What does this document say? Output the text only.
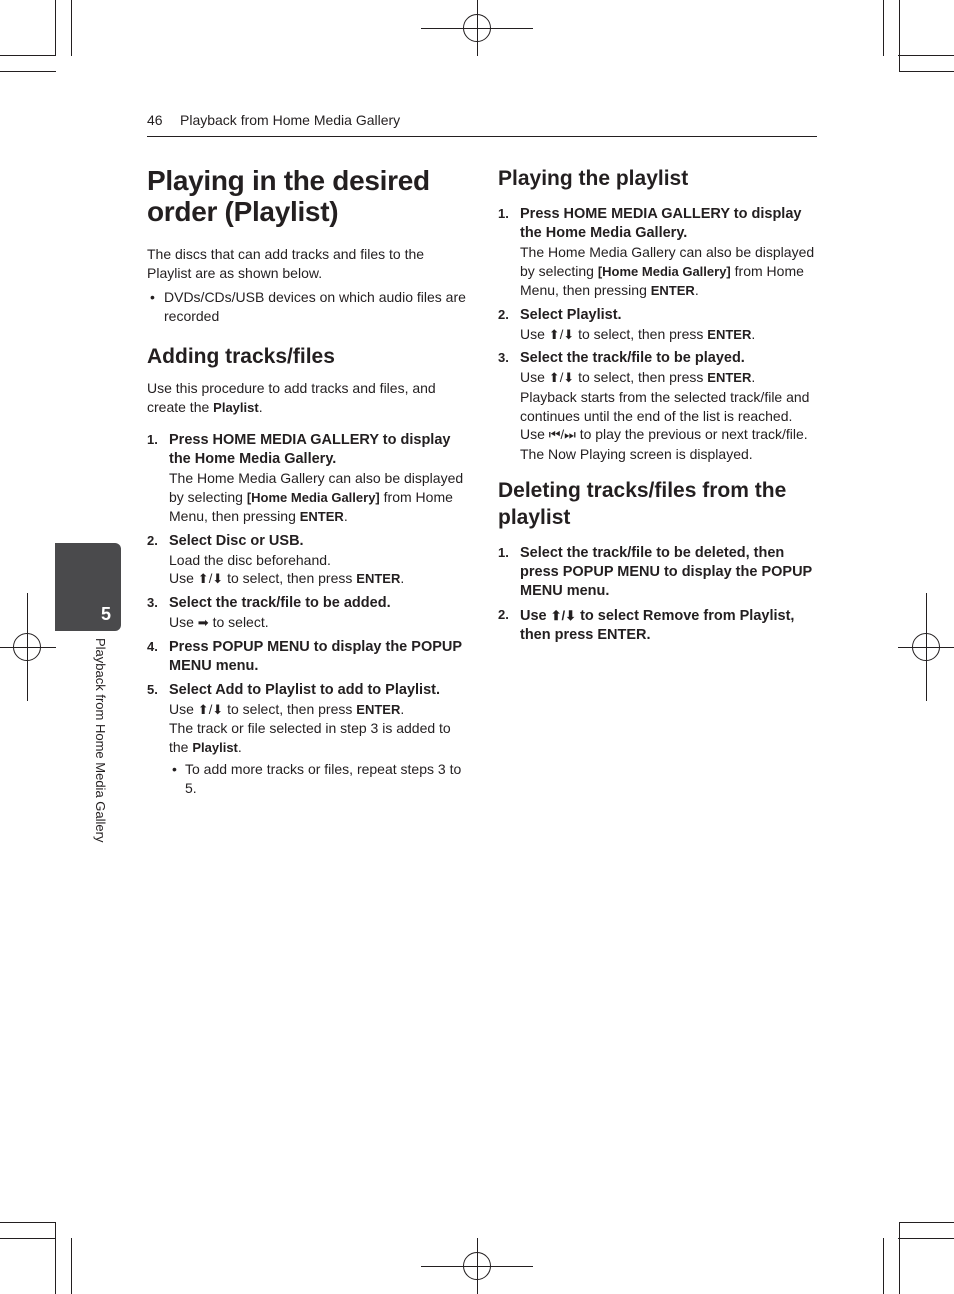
46 Playback from Home Media Gallery
5
Playback from Home Media Gallery
Playing in the desired order (Playlist)

The discs that can add tracks and files to the Playlist are as shown below.

• DVDs/CDs/USB devices on which audio files are recorded
Adding tracks/files

Use this procedure to add tracks and files, and create the Playlist.

1. Press HOME MEDIA GALLERY to display the Home Media Gallery.
The Home Media Gallery can also be displayed by selecting [Home Media Gallery] from Home Menu, then pressing ENTER.
2. Select Disc or USB.
Load the disc beforehand.
Use ⬆/⬇ to select, then press ENTER.
3. Select the track/file to be added.
Use ➡ to select.
4. Press POPUP MENU to display the POPUP MENU menu.
5. Select Add to Playlist to add to Playlist.
Use ⬆/⬇ to select, then press ENTER.
The track or file selected in step 3 is added to the Playlist.
• To add more tracks or files, repeat steps 3 to 5.
Playing the playlist
1. Press HOME MEDIA GALLERY to display the Home Media Gallery.
The Home Media Gallery can also be displayed by selecting [Home Media Gallery] from Home Menu, then pressing ENTER.
2. Select Playlist.
Use ⬆/⬇ to select, then press ENTER.
3. Select the track/file to be played.
Use ⬆/⬇ to select, then press ENTER.
Playback starts from the selected track/file and continues until the end of the list is reached. Use ⏮/⏭ to play the previous or next track/file. The Now Playing screen is displayed.
Deleting tracks/files from the playlist
1. Select the track/file to be deleted, then press POPUP MENU to display the POPUP MENU menu.
2. Use ⬆/⬇ to select Remove from Playlist, then press ENTER.
